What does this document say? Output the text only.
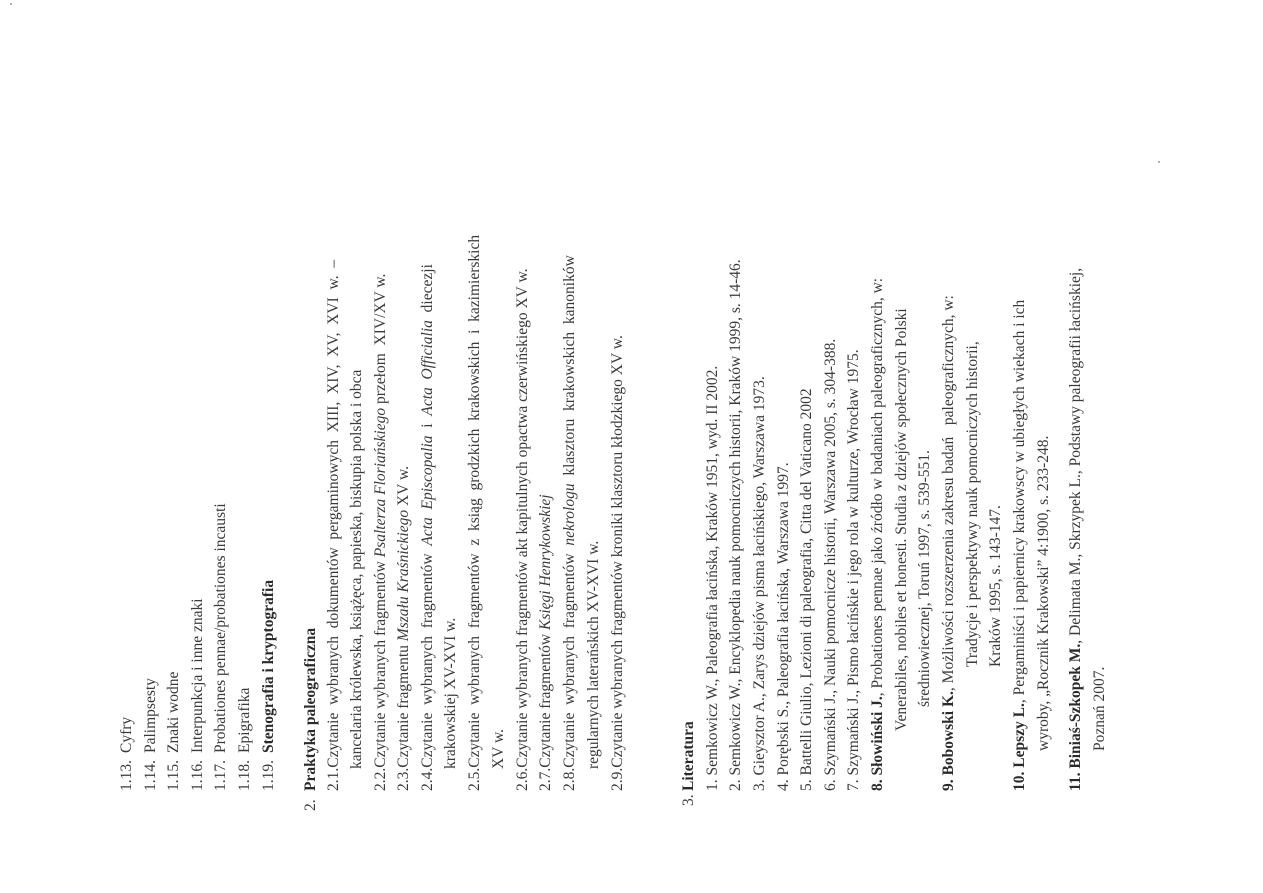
1.13.
Cyfry
1.14.
Palimpsesty
1.15.
Znaki wodne
1.16.
Interpunkcja i inne znaki
1.17.
Probationes pennae/probationes incausti
1.18.
Epigrafika
1.19.
Stenografia i kryptografia
2.
Praktyka paleograficzna 2.1.Czytanie  wybranych  dokumentów  pergaminowych  XIII,  XIV,  XV,  XVI  w.  – kancelaria królewska, książęca, papieska, biskupia polska i obca 2.2.Czytanie wybranych fragmentów Psalterza Floriańskiego przełom  XIV/XV w.
2.3.Czytanie fragmentu Mszału Kraśnickiego XV w.
2.4.Czytanie  wybranych  fragmentów  Acta  Episcopalia  i  Acta  Officialia  diecezji
krakowskiej XV-XVI w. 2.5.Czytanie  wybranych  fragmentów  z  ksiąg  grodzkich  krakowskich  i  kazimierskich XV w. 2.6.Czytanie wybranych fragmentów akt kapitulnych opactwa czerwińskiego XV w. 2.7.Czytanie fragmentów Księgi Henrykowskiej 2.8.Czytanie  wybranych  fragmentów  nekrologu  klasztoru  krakowskich  kanoników
regularnych laterańskich XV-XVI w. 2.9.Czytanie wybranych fragmentów kroniki klasztoru kłodzkiego XV w.
3.
Literatura 1. Semkowicz W., Paleografia łacińska, Kraków 1951, wyd. II 2002. 2. Semkowicz W., Encyklopedia nauk pomocniczych historii, Kraków 1999, s. 14-46. 3. Gieysztor A., Zarys dziejów pisma łacińskiego, Warszawa 1973. 4. Porębski S., Paleografia łacińska, Warszawa 1997. 5. Battelli Giulio, Lezioni di paleografia, Citta del Vaticano 2002 6. Szymański J., Nauki pomocnicze historii, Warszawa 2005, s. 304-388. 7. Szymański J., Pismo łacińskie i jego rola w kulturze, Wrocław 1975. 8. Słowiński J., Probationes pennae jako źródło w badaniach paleograficznych, w: Venerabiles, nobiles et honesti. Studia z dziejów społecznych Polski średniowiecznej, Toruń 1997, s. 539-551.
9. Bobowski K., Możliwości rozszerzenia zakresu badań   paleograficznych, w: Tradycje i perspektywy nauk pomocniczych historii, Kraków 1995, s. 143-147.
10. Lepszy L., Pergaminiści i papiernicy krakowscy w ubiegłych wiekach i ich wyroby, „Rocznik Krakowski” 4:1900, s. 233-248. 11. Biniaś-Szkopek M., Delimata M., Skrzypek L., Podstawy paleografii łacińskiej,
Poznań 2007.
